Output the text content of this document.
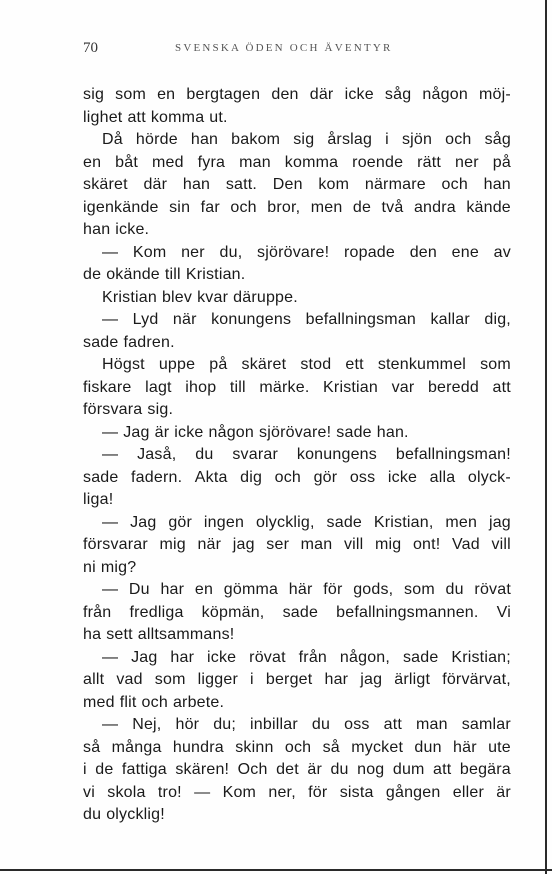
70	SVENSKA ÖDEN OCH ÄVENTYR
sig som en bergtagen den där icke såg någon möj-
lighet att komma ut.
Då hörde han bakom sig årslag i sjön och såg
en båt med fyra man komma roende rätt ner på
skäret där han satt. Den kom närmare och han
igenkände sin far och bror, men de två andra kände
han icke.
— Kom ner du, sjörövare! ropade den ene av
de okände till Kristian.
Kristian blev kvar däruppe.
— Lyd när konungens befallningsman kallar dig,
sade fadren.
Högst uppe på skäret stod ett stenkummel som
fiskare lagt ihop till märke. Kristian var beredd att
försvara sig.
— Jag är icke någon sjörövare! sade han.
— Jaså, du svarar konungens befallningsman!
sade fadern. Akta dig och gör oss icke alla olyck-
liga!
— Jag gör ingen olycklig, sade Kristian, men jag
försvarar mig när jag ser man vill mig ont! Vad vill
ni mig?
— Du har en gömma här för gods, som du rövat
från fredliga köpmän, sade befallningsmannen. Vi
ha sett alltsammans!
— Jag har icke rövat från någon, sade Kristian;
allt vad som ligger i berget har jag ärligt förvärvat,
med flit och arbete.
— Nej, hör du; inbillar du oss att man samlar
så många hundra skinn och så mycket dun här ute
i de fattiga skären! Och det är du nog dum att begära
vi skola tro! — Kom ner, för sista gången eller är
du olycklig!
